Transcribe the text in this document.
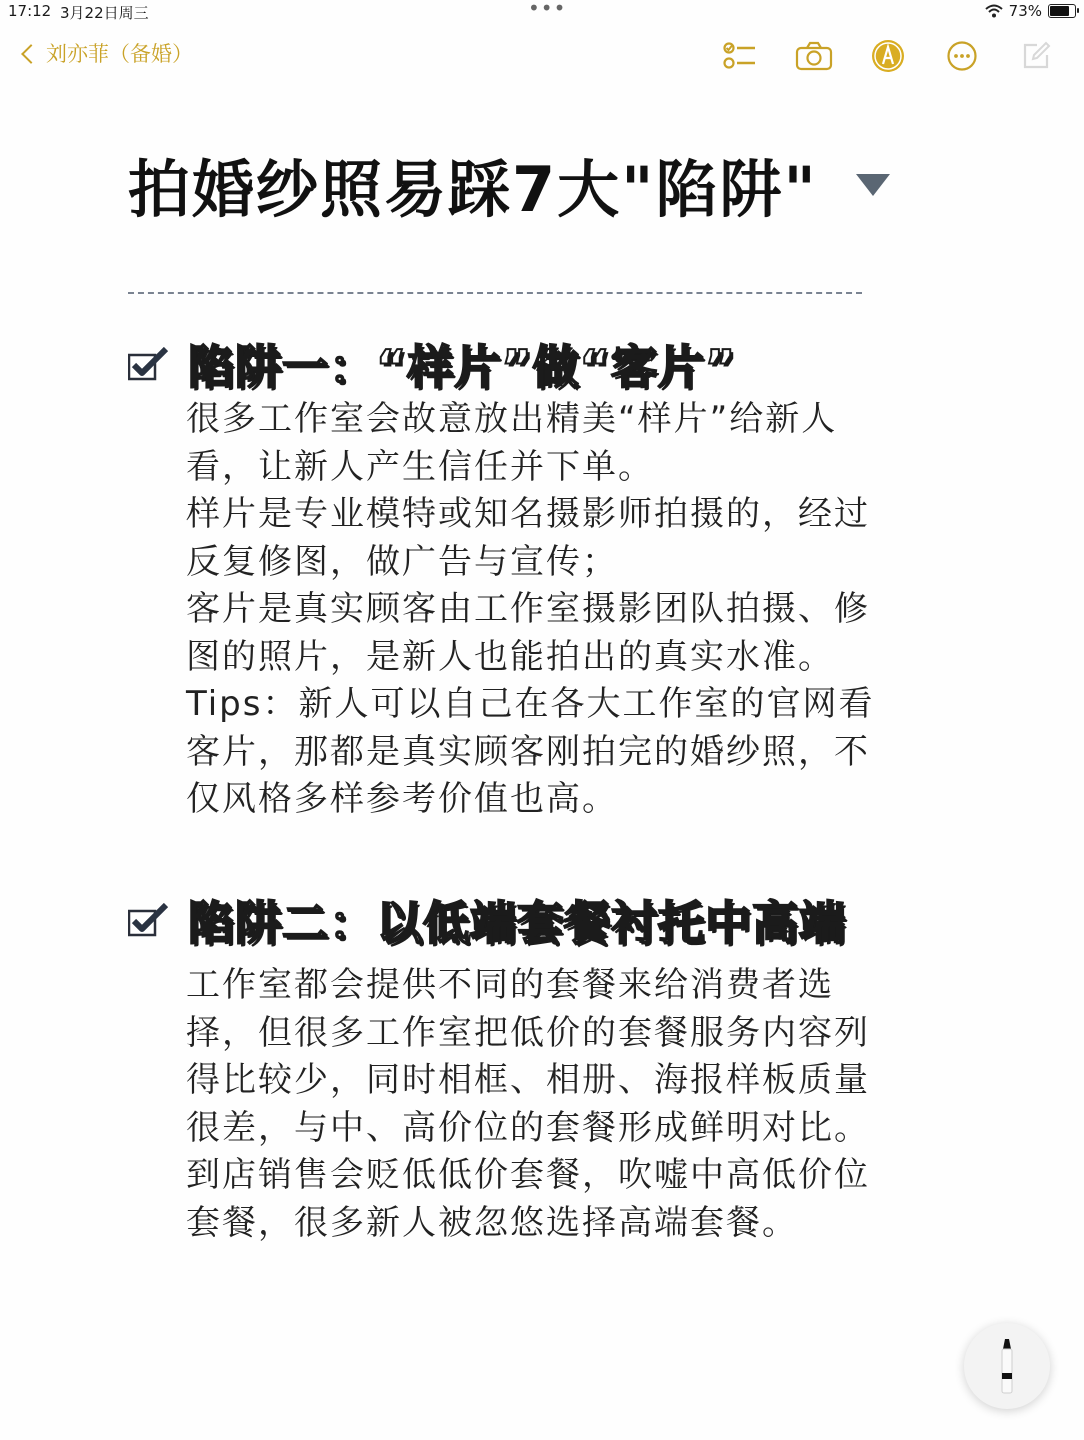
17:12 3月22日周三	•••	73%
刘亦菲（备婚）
拍婚纱照易踩7大"陷阱"
陷阱一：“样片”做“客片”

很多工作室会故意放出精美“样片”给新人看，让新人产生信任并下单。

样片是专业模特或知名摄影师拍摄的，经过反复修图，做广告与宣传；

客片是真实顾客由工作室摄影团队拍摄、修图的照片，是新人也能拍出的真实水准。

Tips：新人可以自己在各大工作室的官网看客片，那都是真实顾客刚拍完的婚纱照，不仅风格多样参考价值也高。

陷阱二：以低端套餐衬托中高端

工作室都会提供不同的套餐来给消费者选择，但很多工作室把低价的套餐服务内容列得比较少，同时相框、相册、海报样板质量很差，与中、高价位的套餐形成鲜明对比。

到店销售会贬低低价套餐，吹嘘中高低价位套餐，很多新人被忽悠选择高端套餐。
